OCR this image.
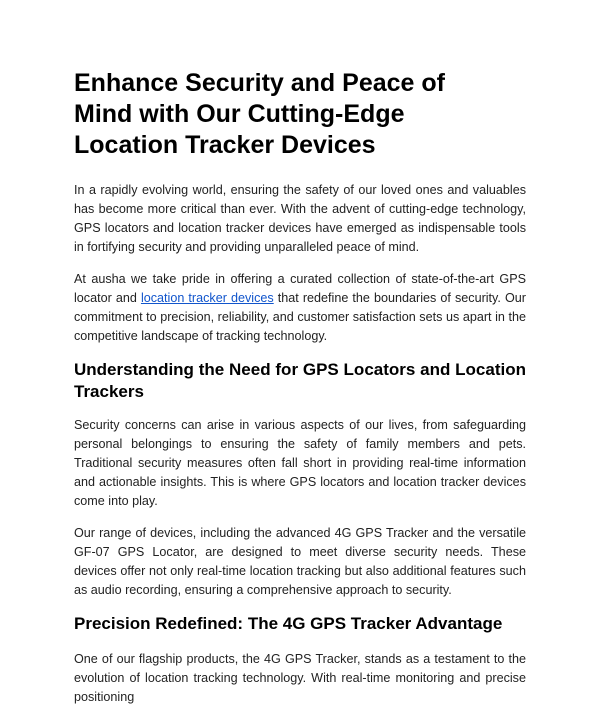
Enhance Security and Peace of Mind with Our Cutting-Edge Location Tracker Devices

In a rapidly evolving world, ensuring the safety of our loved ones and valuables has become more critical than ever. With the advent of cutting-edge technology, GPS locators and location tracker devices have emerged as indispensable tools in fortifying security and providing unparalleled peace of mind.

At ausha we take pride in offering a curated collection of state-of-the-art GPS locator and location tracker devices that redefine the boundaries of security. Our commitment to precision, reliability, and customer satisfaction sets us apart in the competitive landscape of tracking technology.

Understanding the Need for GPS Locators and Location Trackers

Security concerns can arise in various aspects of our lives, from safeguarding personal belongings to ensuring the safety of family members and pets. Traditional security measures often fall short in providing real-time information and actionable insights. This is where GPS locators and location tracker devices come into play.

Our range of devices, including the advanced 4G GPS Tracker and the versatile GF-07 GPS Locator, are designed to meet diverse security needs. These devices offer not only real-time location tracking but also additional features such as audio recording, ensuring a comprehensive approach to security.

Precision Redefined: The 4G GPS Tracker Advantage

One of our flagship products, the 4G GPS Tracker, stands as a testament to the evolution of location tracking technology. With real-time monitoring and precise positioning
